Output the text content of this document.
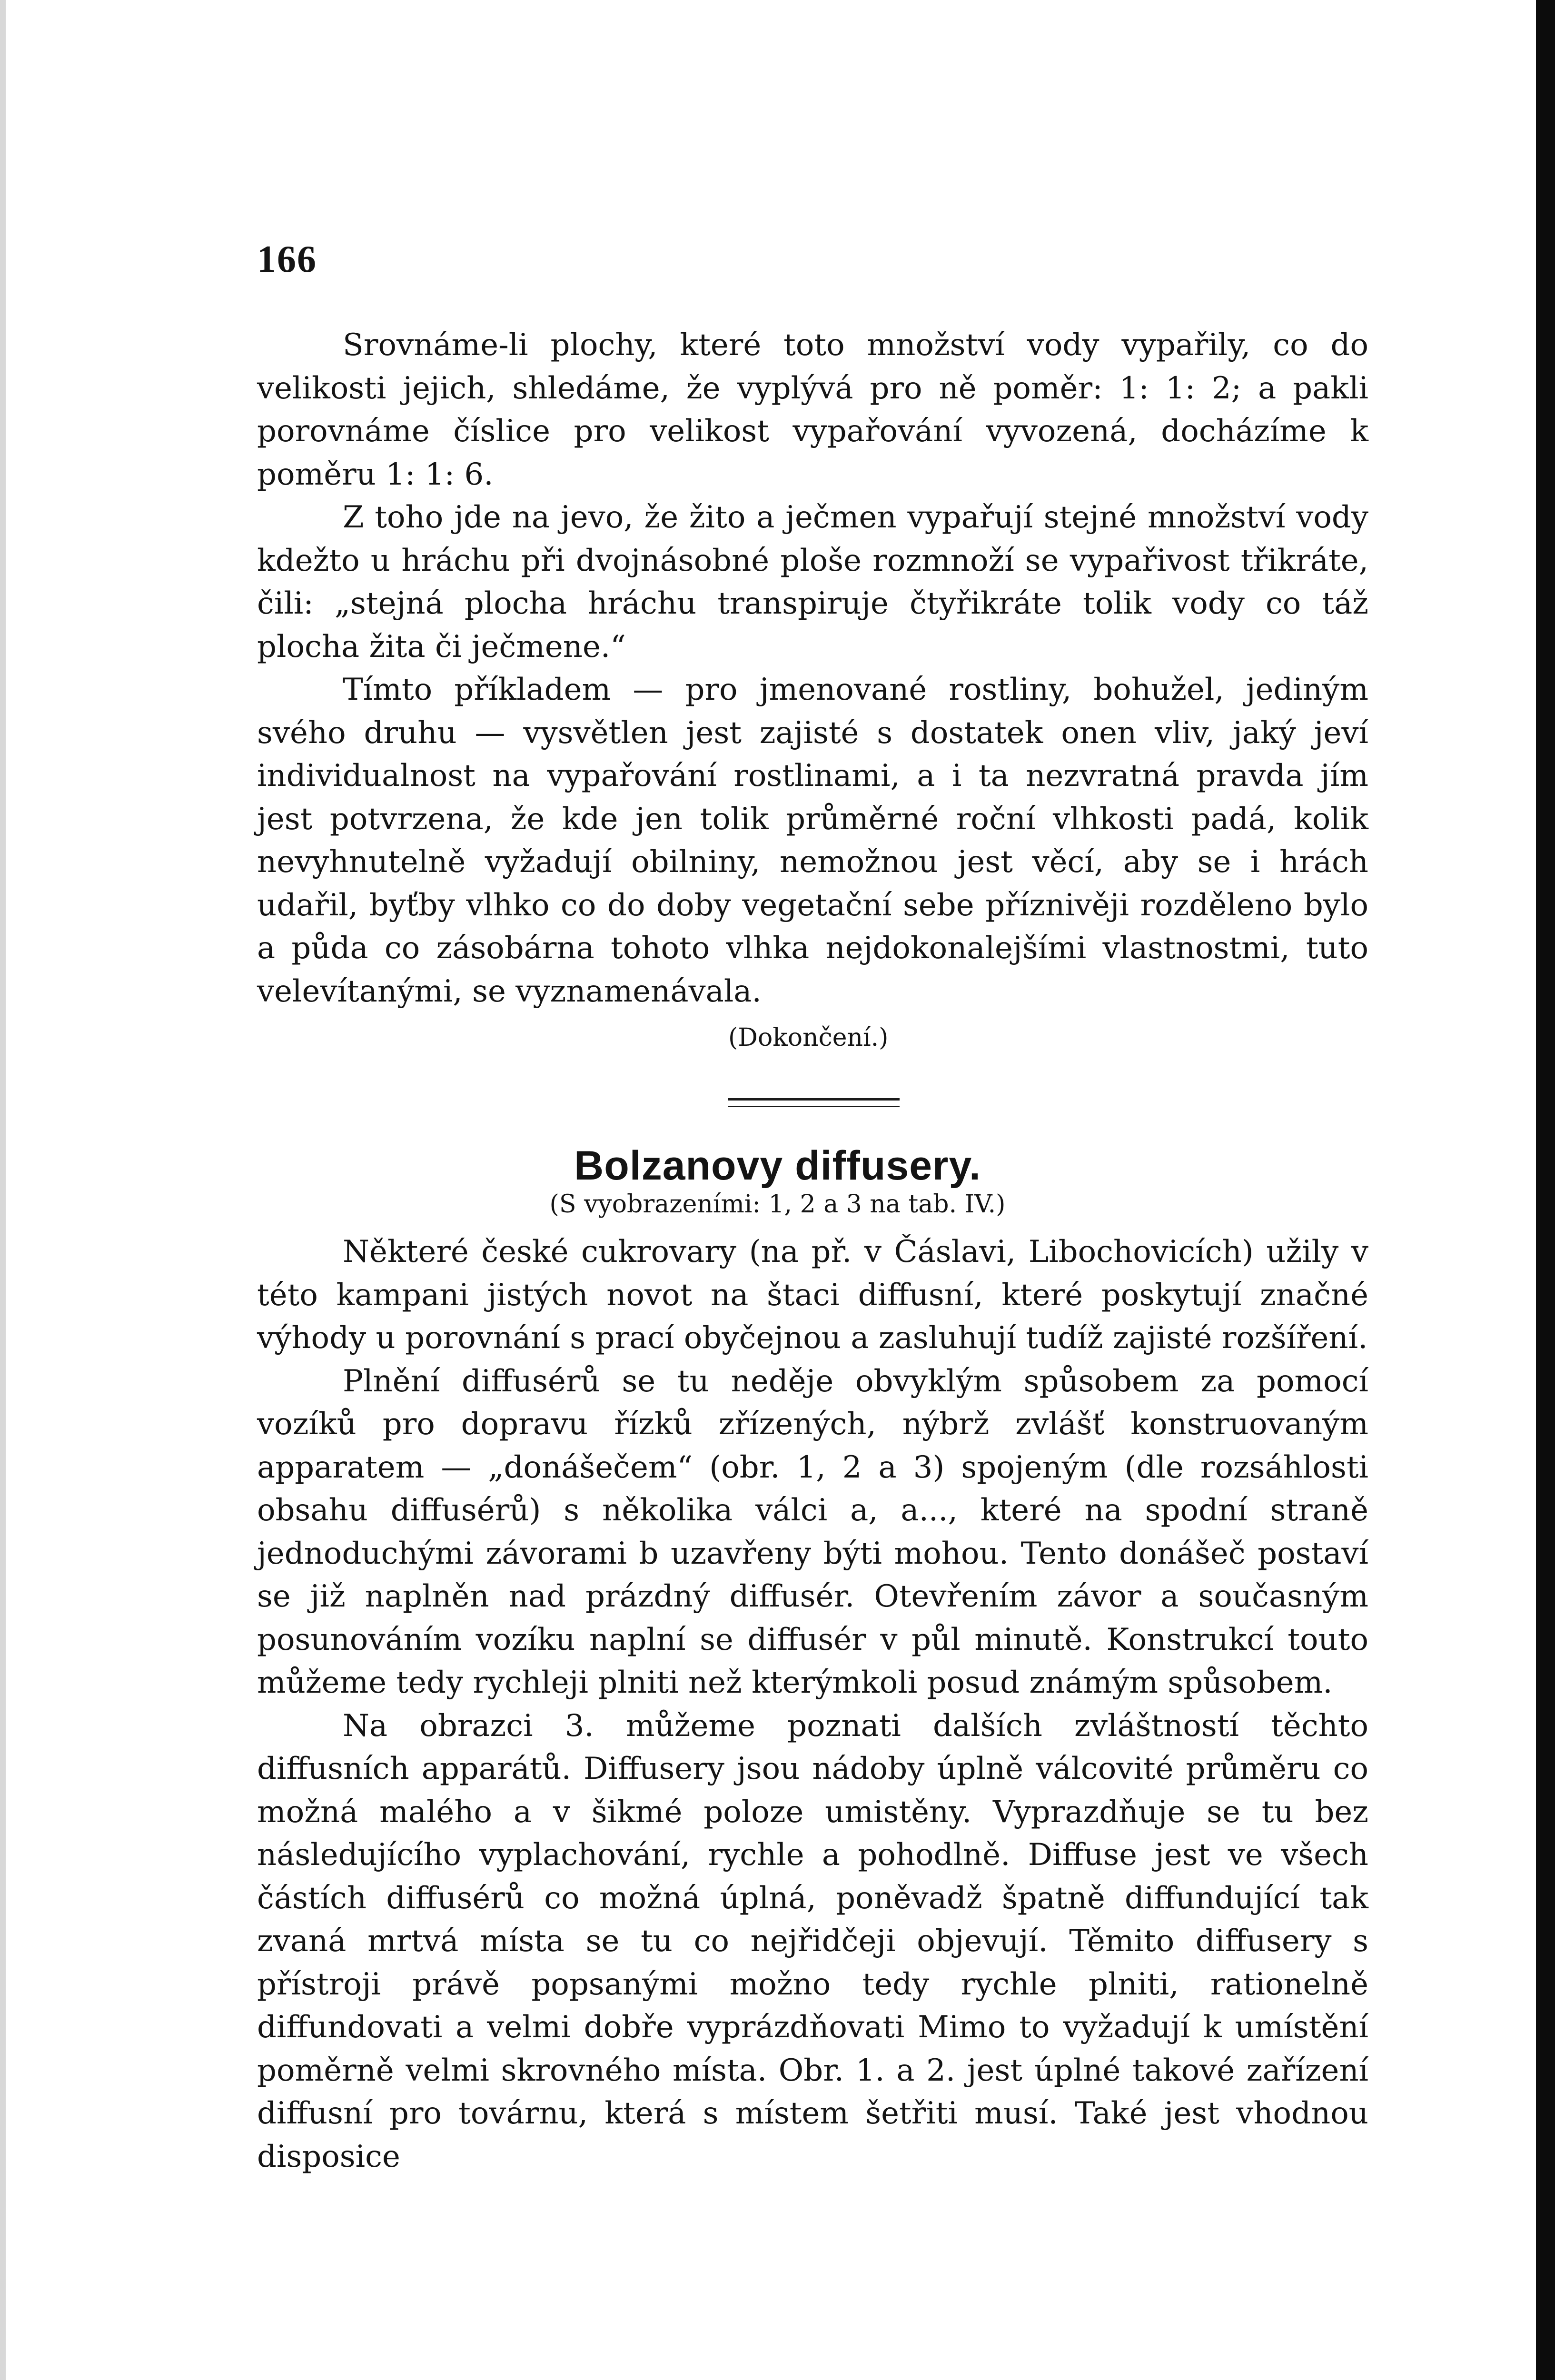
166

Srovnáme-li plochy, které toto množství vody vypařily, co do velikosti jejich, shledáme, že vyplývá pro ně poměr: 1: 1: 2; a pakli porovnáme číslice pro velikost vypařování vyvozená, docházíme k poměru 1: 1: 6.

Z toho jde na jevo, že žito a ječmen vypařují stejné množství vody kdežto u hráchu při dvojnásobné ploše rozmnoží se vypařivost třikráte, čili: „stejná plocha hráchu transpiruje čtyřikráte tolik vody co táž plocha žita či ječmene.“

Tímto příkladem — pro jmenované rostliny, bohužel, jediným svého druhu — vysvětlen jest zajisté s dostatek onen vliv, jaký jeví individualnost na vypařování rostlinami, a i ta nezvratná pravda jím jest potvrzena, že kde jen tolik průměrné roční vlhkosti padá, kolik nevyhnutelně vyžadují obilniny, nemožnou jest věcí, aby se i hrách udařil, byťby vlhko co do doby vegetační sebe příznivěji rozděleno bylo a půda co zásobárna tohoto vlhka nejdokonalejšími vlastnostmi, tuto velevítanými, se vyznamenávala.

(Dokončení.)
Bolzanovy diffusery.
(S vyobrazeními: 1, 2 a 3 na tab. IV.)

Některé české cukrovary (na př. v Čáslavi, Libochovicích) užily v této kampani jistých novot na štaci diffusní, které poskytují značné výhody u porovnání s prací obyčejnou a zasluhují tudíž zajisté rozšíření.

Plnění diffusérů se tu neděje obvyklým spůsobem za pomocí vozíků pro dopravu řízků zřízených, nýbrž zvlášť konstruovaným apparatem — „donášečem“ (obr. 1, 2 a 3) spojeným (dle rozsáhlosti obsahu diffusérů) s několika válci a, a..., které na spodní straně jednoduchými závorami b uzavřeny býti mohou. Tento donášeč postaví se již naplněn nad prázdný diffusér. Otevřením závor a současným posunováním vozíku naplní se diffusér v půl minutě. Konstrukcí touto můžeme tedy rychleji plniti než kterýmkoli posud známým spůsobem.

Na obrazci 3. můžeme poznati dalších zvláštností těchto diffusních apparátů. Diffusery jsou nádoby úplně válcovité průměru co možná malého a v šikmé poloze umistěny. Vyprazdňuje se tu bez následujícího vyplachování, rychle a pohodlně. Diffuse jest ve všech částích diffusérů co možná úplná, poněvadž špatně diffundující tak zvaná mrtvá místa se tu co nejřidčeji objevují. Těmito diffusery s přístroji právě popsanými možno tedy rychle plniti, rationelně diffundovati a velmi dobře vyprázdňovati Mimo to vyžadují k umístění poměrně velmi skrovného místa. Obr. 1. a 2. jest úplné takové zařízení diffusní pro továrnu, která s místem šetřiti musí. Také jest vhodnou disposice
